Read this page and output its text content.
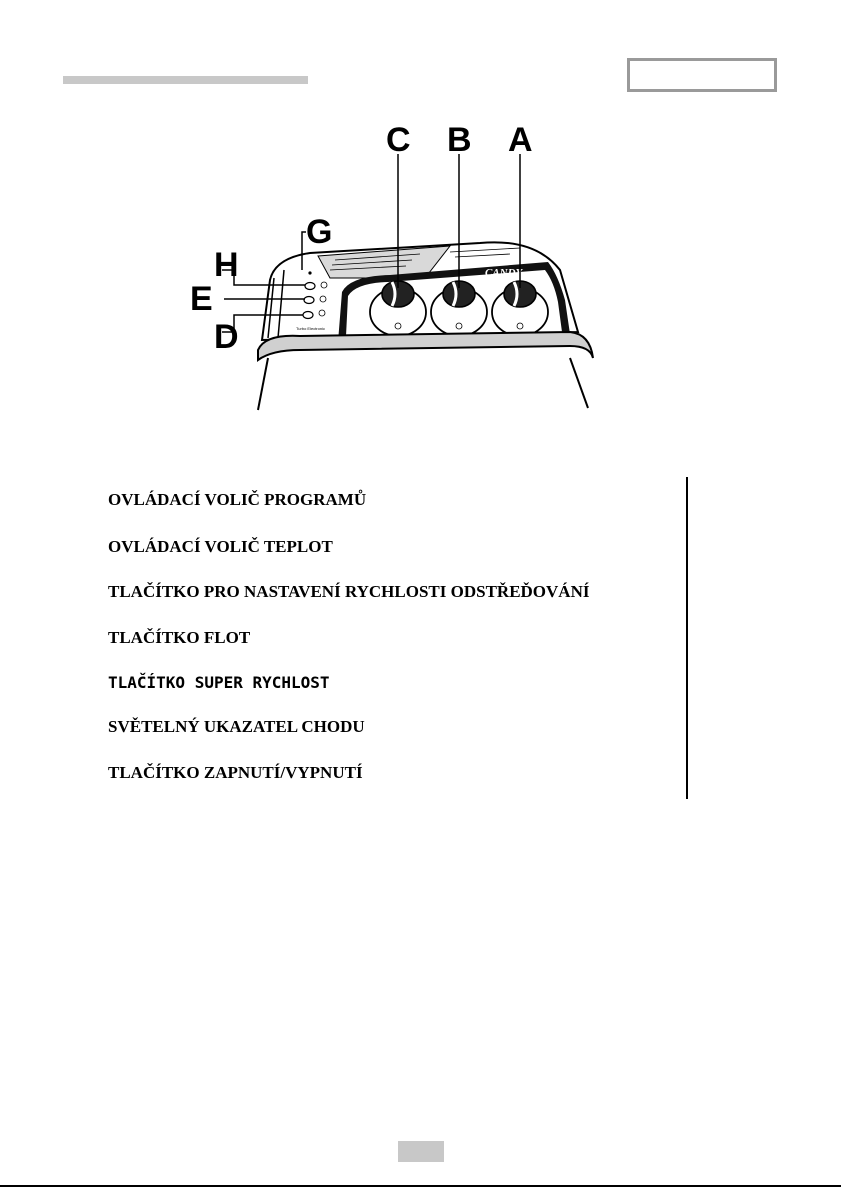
CANDY
Turbo Electronic
C B A
G
H
E
D
OVLÁDACÍ VOLIČ PROGRAMŮ
OVLÁDACÍ VOLIČ TEPLOT
TLAČÍTKO PRO NASTAVENÍ RYCHLOSTI ODSTŘEĎOVÁNÍ
TLAČÍTKO FLOT
TLAČÍTKO SUPER RYCHLOST
SVĚTELNÝ UKAZATEL CHODU
TLAČÍTKO ZAPNUTÍ/VYPNUTÍ
